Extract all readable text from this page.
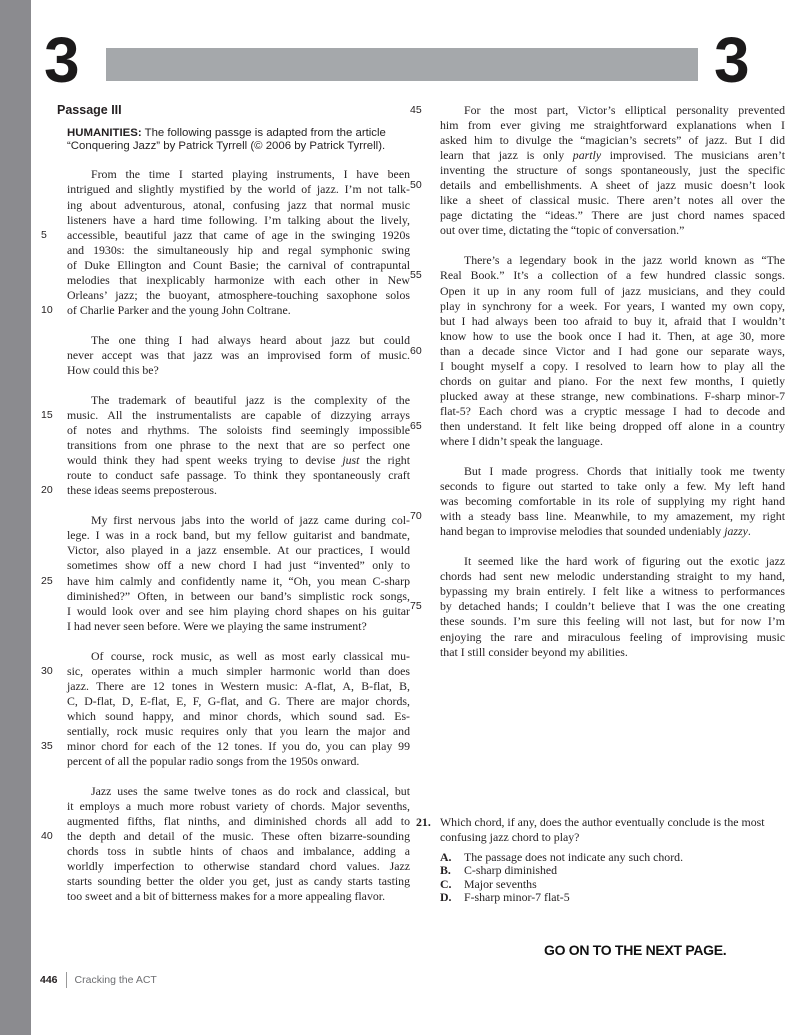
3	3
Passage III
HUMANITIES: The following passge is adapted from the article
“Conquering Jazz” by Patrick Tyrrell (© 2006 by Patrick Tyrrell).
From the time I started playing instruments, I have been
intrigued and slightly mystified by the world of jazz. I’m not talk-
ing about adventurous, atonal, confusing jazz that normal music
listeners have a hard time following. I’m talking about the lively,
5	accessible, beautiful jazz that came of age in the swinging 1920s
and 1930s: the simultaneously hip and regal symphonic swing
of Duke Ellington and Count Basie; the carnival of contrapuntal
melodies that inexplicably harmonize with each other in New
Orleans’ jazz; the buoyant, atmosphere-touching saxophone solos
10	of Charlie Parker and the young John Coltrane.
The one thing I had always heard about jazz but could
never accept was that jazz was an improvised form of music.
How could this be?
The trademark of beautiful jazz is the complexity of the
15	music. All the instrumentalists are capable of dizzying arrays
of notes and rhythms. The soloists find seemingly impossible
transitions from one phrase to the next that are so perfect one
would think they had spent weeks trying to devise just the right
route to conduct safe passage. To think they spontaneously craft
20	these ideas seems preposterous.
My first nervous jabs into the world of jazz came during col-
lege. I was in a rock band, but my fellow guitarist and bandmate,
Victor, also played in a jazz ensemble. At our practices, I would
sometimes show off a new chord I had just “invented” only to
25	have him calmly and confidently name it, “Oh, you mean C-sharp
diminished?” Often, in between our band’s simplistic rock songs,
I would look over and see him playing chord shapes on his guitar
I had never seen before. Were we playing the same instrument?
Of course, rock music, as well as most early classical mu-
30	sic, operates within a much simpler harmonic world than does
jazz. There are 12 tones in Western music: A-flat, A, B-flat, B,
C, D-flat, D, E-flat, E, F, G-flat, and G. There are major chords,
which sound happy, and minor chords, which sound sad. Es-
sentially, rock music requires only that you learn the major and
35	minor chord for each of the 12 tones. If you do, you can play 99
percent of all the popular radio songs from the 1950s onward.
Jazz uses the same twelve tones as do rock and classical, but
it employs a much more robust variety of chords. Major sevenths,
augmented fifths, flat ninths, and diminished chords all add to
40	the depth and detail of the music. These often bizarre-sounding
chords toss in subtle hints of chaos and imbalance, adding a
worldly imperfection to otherwise standard chord values. Jazz
starts sounding better the older you get, just as candy starts tasting
too sweet and a bit of bitterness makes for a more appealing flavor.
45	For the most part, Victor’s elliptical personality prevented
him from ever giving me straightforward explanations when I
asked him to divulge the “magician’s secrets” of jazz. But I did
learn that jazz is only partly improvised. The musicians aren’t
inventing the structure of songs spontaneously, just the specific
50	details and embellishments. A sheet of jazz music doesn’t look
like a sheet of classical music. There aren’t notes all over the
page dictating the “ideas.” There are just chord names spaced
out over time, dictating the “topic of conversation.”
There’s a legendary book in the jazz world known as “The
55	Real Book.” It’s a collection of a few hundred classic songs.
Open it up in any room full of jazz musicians, and they could
play in synchrony for a week. For years, I wanted my own copy,
but I had always been too afraid to buy it, afraid that I wouldn’t
know how to use the book once I had it. Then, at age 30, more
60	than a decade since Victor and I had gone our separate ways,
I bought myself a copy. I resolved to learn how to play all the
chords on guitar and piano. For the next few months, I quietly
plucked away at these strange, new combinations. F-sharp minor-7
flat-5? Each chord was a cryptic message I had to decode and
65	then understand. It felt like being dropped off alone in a country
where I didn’t speak the language.
But I made progress. Chords that initially took me twenty
seconds to figure out started to take only a few. My left hand
was becoming comfortable in its role of supplying my right hand
70	with a steady bass line. Meanwhile, to my amazement, my right
hand began to improvise melodies that sounded undeniably jazzy.
It seemed like the hard work of figuring out the exotic jazz
chords had sent new melodic understanding straight to my hand,
bypassing my brain entirely. I felt like a witness to performances
75	by detached hands; I couldn’t believe that I was the one creating
these sounds. I’m sure this feeling will not last, but for now I’m
enjoying the rare and miraculous feeling of improvising music
that I still consider beyond my abilities.
21. Which chord, if any, does the author eventually conclude is the most confusing jazz chord to play?
A.	The passage does not indicate any such chord.
B.	C-sharp diminished
C.	Major sevenths
D.	F-sharp minor-7 flat-5
GO ON TO THE NEXT PAGE.
446 Cracking the ACT
